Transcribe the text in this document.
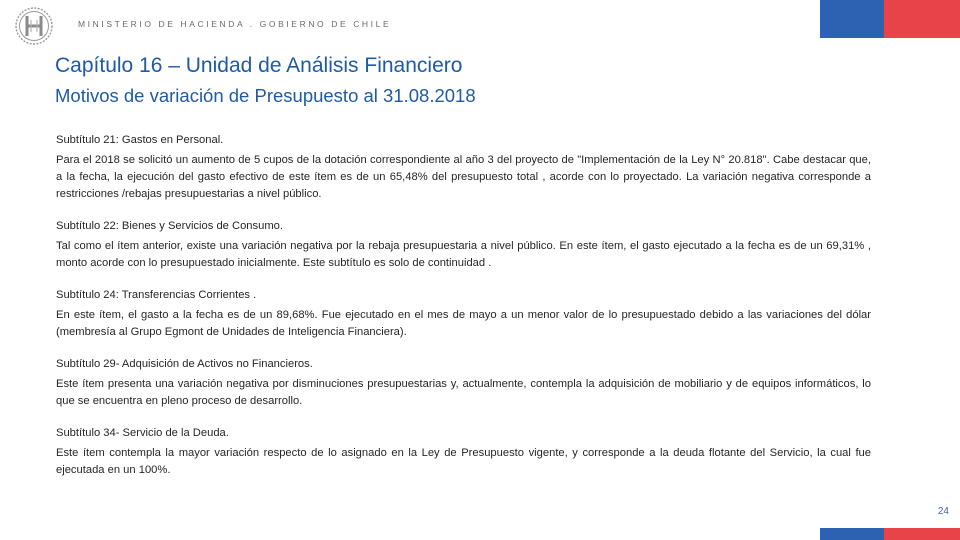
MINISTERIO DE HACIENDA . GOBIERNO DE CHILE
Capítulo 16 – Unidad de Análisis Financiero
Motivos de variación de Presupuesto al 31.08.2018
Subtítulo 21: Gastos en Personal.

Para el 2018 se solicitó un aumento de 5 cupos de la dotación correspondiente al año 3 del proyecto de "Implementación de la Ley N° 20.818". Cabe destacar que, a la fecha, la ejecución del gasto efectivo de este ítem es de un 65,48% del presupuesto total , acorde con lo proyectado. La variación negativa corresponde a restricciones /rebajas presupuestarias a nivel público.

Subtítulo 22: Bienes y Servicios de Consumo.

Tal como el ítem anterior, existe una variación negativa por la rebaja presupuestaria a nivel público. En este ítem, el gasto ejecutado a la fecha es de un 69,31% , monto acorde con lo presupuestado inicialmente. Este subtítulo es solo de continuidad .

Subtítulo 24: Transferencias Corrientes .

En este ítem, el gasto a la fecha es de un 89,68%. Fue ejecutado en el mes de mayo a un menor valor de lo presupuestado debido a las variaciones del dólar (membresía al Grupo Egmont de Unidades de Inteligencia Financiera).

Subtítulo 29- Adquisición de Activos no Financieros.

Este ítem presenta una variación negativa por disminuciones presupuestarias y, actualmente, contempla la adquisición de mobiliario y de equipos informáticos, lo que se encuentra en pleno proceso de desarrollo.

Subtítulo 34- Servicio de la Deuda.

Este ítem contempla la mayor variación respecto de lo asignado en la Ley de Presupuesto vigente, y corresponde a la deuda flotante del Servicio, la cual fue ejecutada en un 100%.

24
